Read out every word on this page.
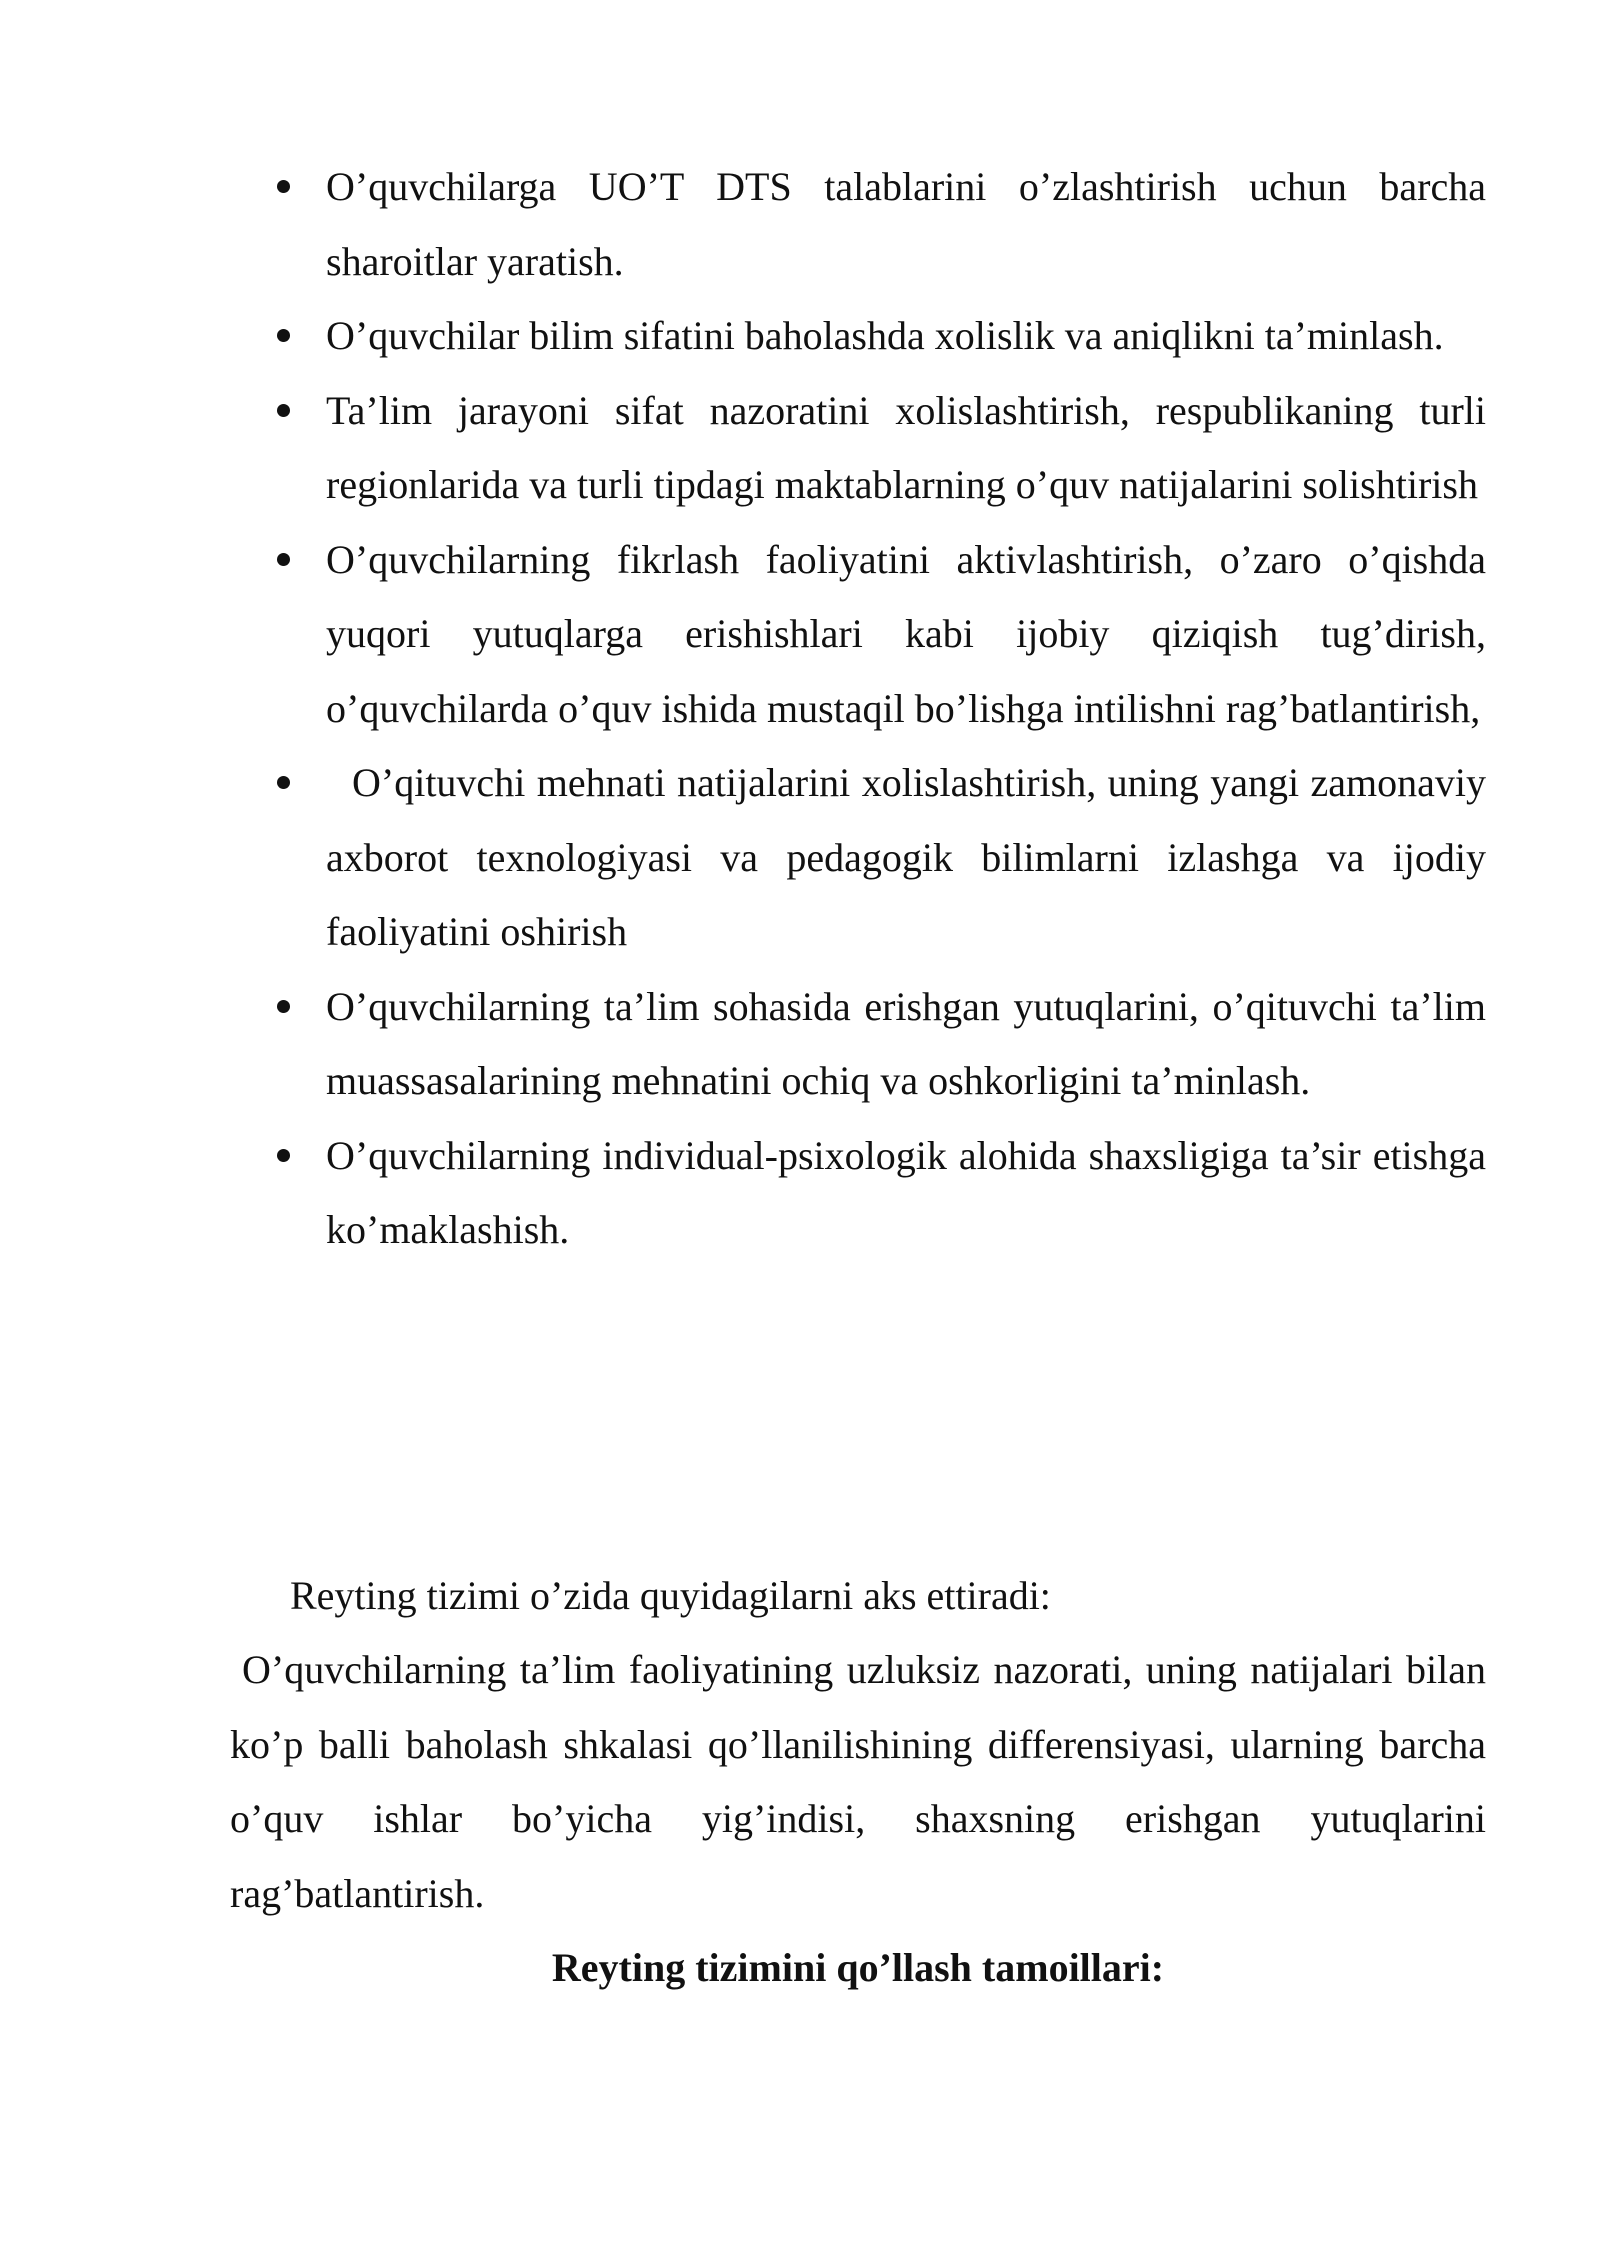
O’quvchilarga UO’T DTS talablarini o’zlashtirish uchun barcha sharoitlar yaratish.
O’quvchilar bilim sifatini baholashda xolislik va aniqlikni ta’minlash.
Ta’lim jarayoni sifat nazoratini xolislashtirish, respublikaning turli regionlarida va turli tipdagi maktablarning o’quv natijalarini solishtirish
O’quvchilarning fikrlash faoliyatini aktivlashtirish, o’zaro o’qishda yuqori yutuqlarga erishishlari kabi ijobiy qiziqish tug’dirish, o’quvchilarda o’quv ishida mustaqil bo’lishga intilishni rag’batlantirish,
O’qituvchi mehnati natijalarini xolislashtirish, uning yangi zamonaviy axborot texnologiyasi va pedagogik bilimlarni izlashga va ijodiy faoliyatini oshirish
O’quvchilarning ta’lim sohasida erishgan yutuqlarini, o’qituvchi ta’lim muassasalarining mehnatini ochiq va oshkorligini ta’minlash.
O’quvchilarning individual-psixologik alohida shaxsligiga ta’sir etishga ko’maklashish.

Reyting tizimi o’zida quyidagilarni aks ettiradi:

O’quvchilarning ta’lim faoliyatining uzluksiz nazorati, uning natijalari bilan ko’p balli baholash shkalasi qo’llanilishining differensiyasi, ularning barcha o’quv ishlar bo’yicha yig’indisi, shaxsning erishgan yutuqlarini rag’batlantirish.

Reyting tizimini qo’llash tamoillari:
